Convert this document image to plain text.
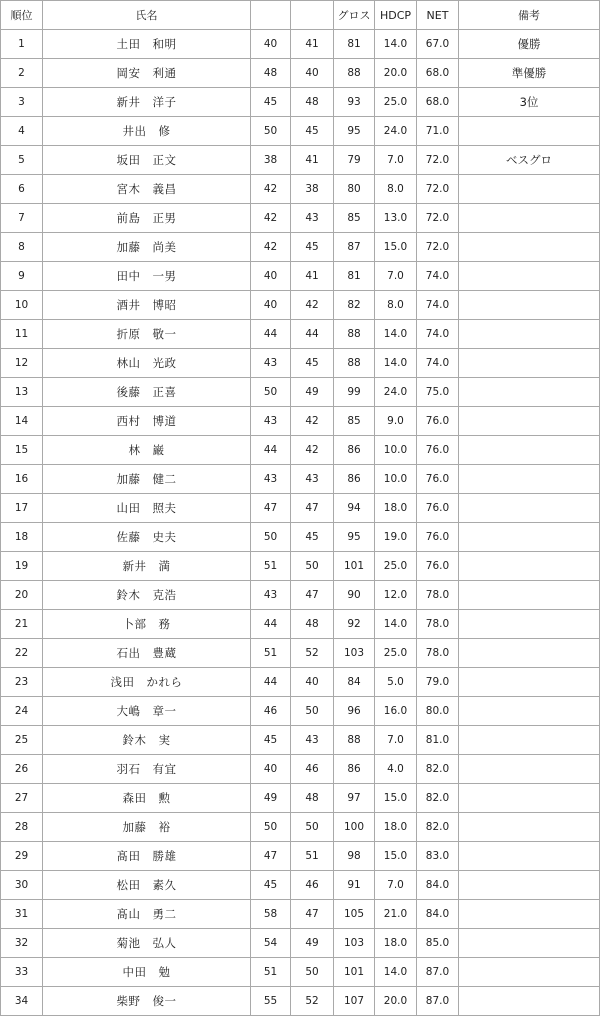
順位	氏名			グロス	HDCP	NET	備考
1	土田　和明	40	41	81	14.0	67.0	優勝
2	岡安　利通	48	40	88	20.0	68.0	準優勝
3	新井　洋子	45	48	93	25.0	68.0	3位
4	井出　修	50	45	95	24.0	71.0	
5	坂田　正文	38	41	79	7.0	72.0	ベスグロ
6	宮木　義昌	42	38	80	8.0	72.0	
7	前島　正男	42	43	85	13.0	72.0	
8	加藤　尚美	42	45	87	15.0	72.0	
9	田中　一男	40	41	81	7.0	74.0	
10	酒井　博昭	40	42	82	8.0	74.0	
11	折原　敬一	44	44	88	14.0	74.0	
12	林山　光政	43	45	88	14.0	74.0	
13	後藤　正喜	50	49	99	24.0	75.0	
14	西村　博道	43	42	85	9.0	76.0	
15	林　巌	44	42	86	10.0	76.0	
16	加藤　健二	43	43	86	10.0	76.0	
17	山田　照夫	47	47	94	18.0	76.0	
18	佐藤　史夫	50	45	95	19.0	76.0	
19	新井　満	51	50	101	25.0	76.0	
20	鈴木　克浩	43	47	90	12.0	78.0	
21	卜部　務	44	48	92	14.0	78.0	
22	石出　豊蔵	51	52	103	25.0	78.0	
23	浅田　かれら	44	40	84	5.0	79.0	
24	大嶋　章一	46	50	96	16.0	80.0	
25	鈴木　実	45	43	88	7.0	81.0	
26	羽石　有宜	40	46	86	4.0	82.0	
27	森田　勲	49	48	97	15.0	82.0	
28	加藤　裕	50	50	100	18.0	82.0	
29	髙田　勝雄	47	51	98	15.0	83.0	
30	松田　素久	45	46	91	7.0	84.0	
31	髙山　勇二	58	47	105	21.0	84.0	
32	菊池　弘人	54	49	103	18.0	85.0	
33	中田　勉	51	50	101	14.0	87.0	
34	柴野　俊一	55	52	107	20.0	87.0	
